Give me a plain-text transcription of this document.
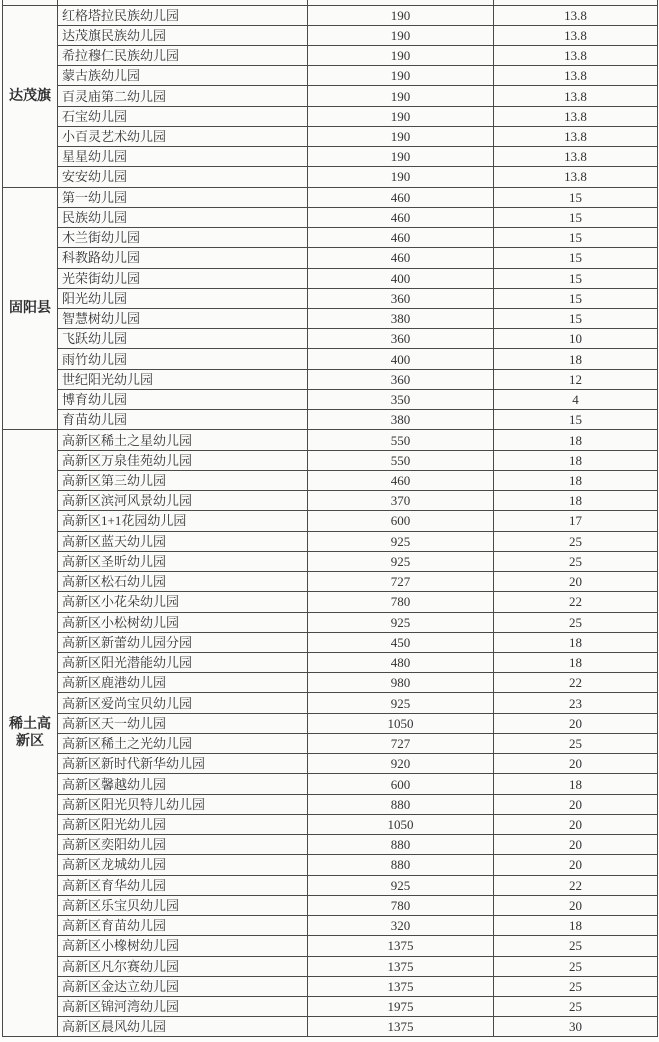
达茂旗	红格塔拉民族幼儿园	190	13.8
	达茂旗民族幼儿园	190	13.8
	希拉穆仁民族幼儿园	190	13.8
	蒙古族幼儿园	190	13.8
	百灵庙第二幼儿园	190	13.8
	石宝幼儿园	190	13.8
	小百灵艺术幼儿园	190	13.8
	星星幼儿园	190	13.8
	安安幼儿园	190	13.8
固阳县	第一幼儿园	460	15
	民族幼儿园	460	15
	木兰街幼儿园	460	15
	科教路幼儿园	460	15
	光荣街幼儿园	400	15
	阳光幼儿园	360	15
	智慧树幼儿园	380	15
	飞跃幼儿园	360	10
	雨竹幼儿园	400	18
	世纪阳光幼儿园	360	12
	博育幼儿园	350	4
	育苗幼儿园	380	15
稀土高新区	高新区稀土之星幼儿园	550	18
	高新区万泉佳苑幼儿园	550	18
	高新区第三幼儿园	460	18
	高新区滨河风景幼儿园	370	18
	高新区1+1花园幼儿园	600	17
	高新区蓝天幼儿园	925	25
	高新区圣昕幼儿园	925	25
	高新区松石幼儿园	727	20
	高新区小花朵幼儿园	780	22
	高新区小松树幼儿园	925	25
	高新区新蕾幼儿园分园	450	18
	高新区阳光潜能幼儿园	480	18
	高新区鹿港幼儿园	980	22
	高新区爱尚宝贝幼儿园	925	23
	高新区天一幼儿园	1050	20
	高新区稀土之光幼儿园	727	25
	高新区新时代新华幼儿园	920	20
	高新区馨越幼儿园	600	18
	高新区阳光贝特儿幼儿园	880	20
	高新区阳光幼儿园	1050	20
	高新区奕阳幼儿园	880	20
	高新区龙城幼儿园	880	20
	高新区育华幼儿园	925	22
	高新区乐宝贝幼儿园	780	20
	高新区育苗幼儿园	320	18
	高新区小橡树幼儿园	1375	25
	高新区凡尔赛幼儿园	1375	25
	高新区金达立幼儿园	1375	25
	高新区锦河湾幼儿园	1975	25
	高新区晨风幼儿园	1375	30
